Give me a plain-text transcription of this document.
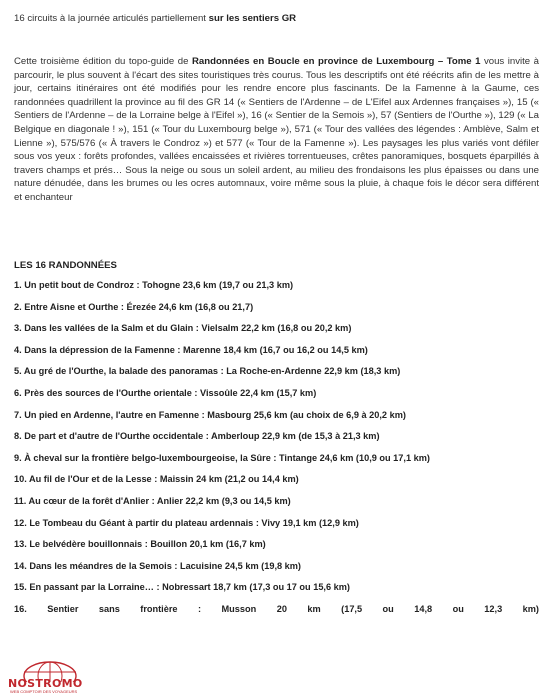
16 circuits à la journée articulés partiellement sur les sentiers GR

Cette troisième édition du topo-guide de Randonnées en Boucle en province de Luxembourg – Tome 1 vous invite à parcourir, le plus souvent à l'écart des sites touristiques très courus. Tous les descriptifs ont été réécrits afin de les mettre à jour, certains itinéraires ont été modifiés pour les rendre encore plus fascinants. De la Famenne à la Gaume, ces randonnées quadrillent la province au fil des GR 14 (« Sentiers de l'Ardenne – de L'Eifel aux Ardennes françaises »), 15 (« Sentiers de l'Ardenne – de la Lorraine belge à l'Eifel »), 16 (« Sentier de la Semois »), 57 (Sentiers de l'Ourthe »), 129 (« La Belgique en diagonale ! »), 151 (« Tour du Luxembourg belge »), 571 (« Tour des vallées des légendes : Amblève, Salm et Lienne »), 575/576 (« À travers le Condroz ») et 577 (« Tour de la Famenne »). Les paysages les plus variés vont défiler sous vos yeux : forêts profondes, vallées encaissées et rivières torrentueuses, crêtes panoramiques, bosquets éparpillés à travers champs et prés… Sous la neige ou sous un soleil ardent, au milieu des frondaisons les plus épaisses ou dans une nature dénudée, dans les brumes ou les ocres automnaux, voire même sous la pluie, à chaque fois le décor sera différent et enchanteur

LES 16 RANDONNÉES
1. Un petit bout de Condroz : Tohogne 23,6 km (19,7 ou 21,3 km)
2. Entre Aisne et Ourthe : Érezée 24,6 km (16,8 ou 21,7)
3. Dans les vallées de la Salm et du Glain : Vielsalm 22,2 km (16,8 ou 20,2 km)
4. Dans la dépression de la Famenne : Marenne 18,4 km (16,7 ou 16,2 ou 14,5 km)
5. Au gré de l'Ourthe, la balade des panoramas : La Roche-en-Ardenne 22,9 km (18,3 km)
6. Près des sources de l'Ourthe orientale : Vissoûle 22,4 km (15,7 km)
7. Un pied en Ardenne, l'autre en Famenne : Masbourg 25,6 km (au choix de 6,9 à 20,2 km)
8. De part et d'autre de l'Ourthe occidentale : Amberloup 22,9 km (de 15,3 à 21,3 km)
9. À cheval sur la frontière belgo-luxembourgeoise, la Sûre : Tintange 24,6 km (10,9 ou 17,1 km)
10. Au fil de l'Our et de la Lesse : Maissin 24 km (21,2 ou 14,4 km)
11. Au cœur de la forêt d'Anlier : Anlier 22,2 km (9,3 ou 14,5 km)
12. Le Tombeau du Géant à partir du plateau ardennais : Vivy 19,1 km (12,9 km)
13. Le belvédère bouillonnais : Bouillon 20,1 km (16,7 km)
14. Dans les méandres de la Semois : Lacuisine 24,5 km (19,8 km)
15. En passant par la Lorraine… : Nobressart 18,7 km (17,3 ou 17 ou 15,6 km)
16. Sentier sans frontière : Musson 20 km (17,5 ou 14,8 ou 12,3 km)
NOSTROMO
WEB COMPTOIR DES VOYAGEURS
